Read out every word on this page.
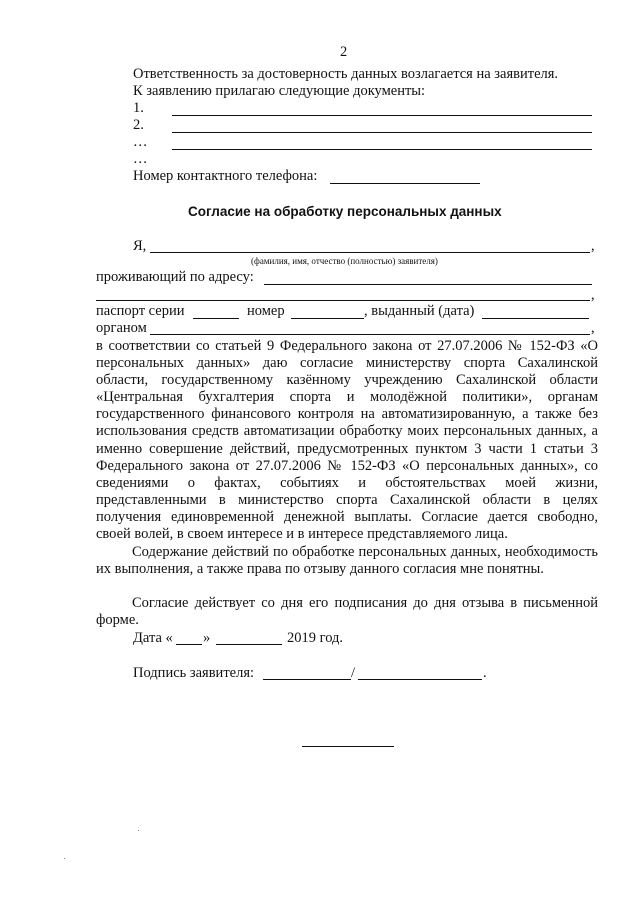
2
Ответственность за достоверность данных возлагается на заявителя.
К заявлению прилагаю следующие документы:
1.
2.
…
…
Номер контактного телефона:
Согласие на обработку персональных данных
Я,	,
(фамилия, имя, отчество (полностью) заявителя)
проживающий по адресу:
,
паспорт серии	номер	, выданный (дата)
органом	,
в соответствии со статьей 9 Федерального закона от 27.07.2006 № 152-ФЗ «О персональных данных» даю согласие министерству спорта Сахалинской области, государственному казённому учреждению Сахалинской области «Центральная бухгалтерия спорта и молодёжной политики», органам государственного финансового контроля на автоматизированную, а также без использования средств автоматизации обработку моих персональных данных, а именно совершение действий, предусмотренных пунктом 3 части 1 статьи 3 Федерального закона от 27.07.2006 № 152-ФЗ «О персональных данных», со сведениями о фактах, событиях и обстоятельствах моей жизни, представленными в министерство спорта Сахалинской области в целях получения единовременной денежной выплаты. Согласие дается свободно, своей волей, в своем интересе и в интересе представляемого лица.
Содержание действий по обработке персональных данных, необходимость их выполнения, а также права по отзыву данного согласия мне понятны.
Согласие действует со дня его подписания до дня отзыва в письменной форме.
Дата « »	2019 год.
Подпись заявителя:	/	.
